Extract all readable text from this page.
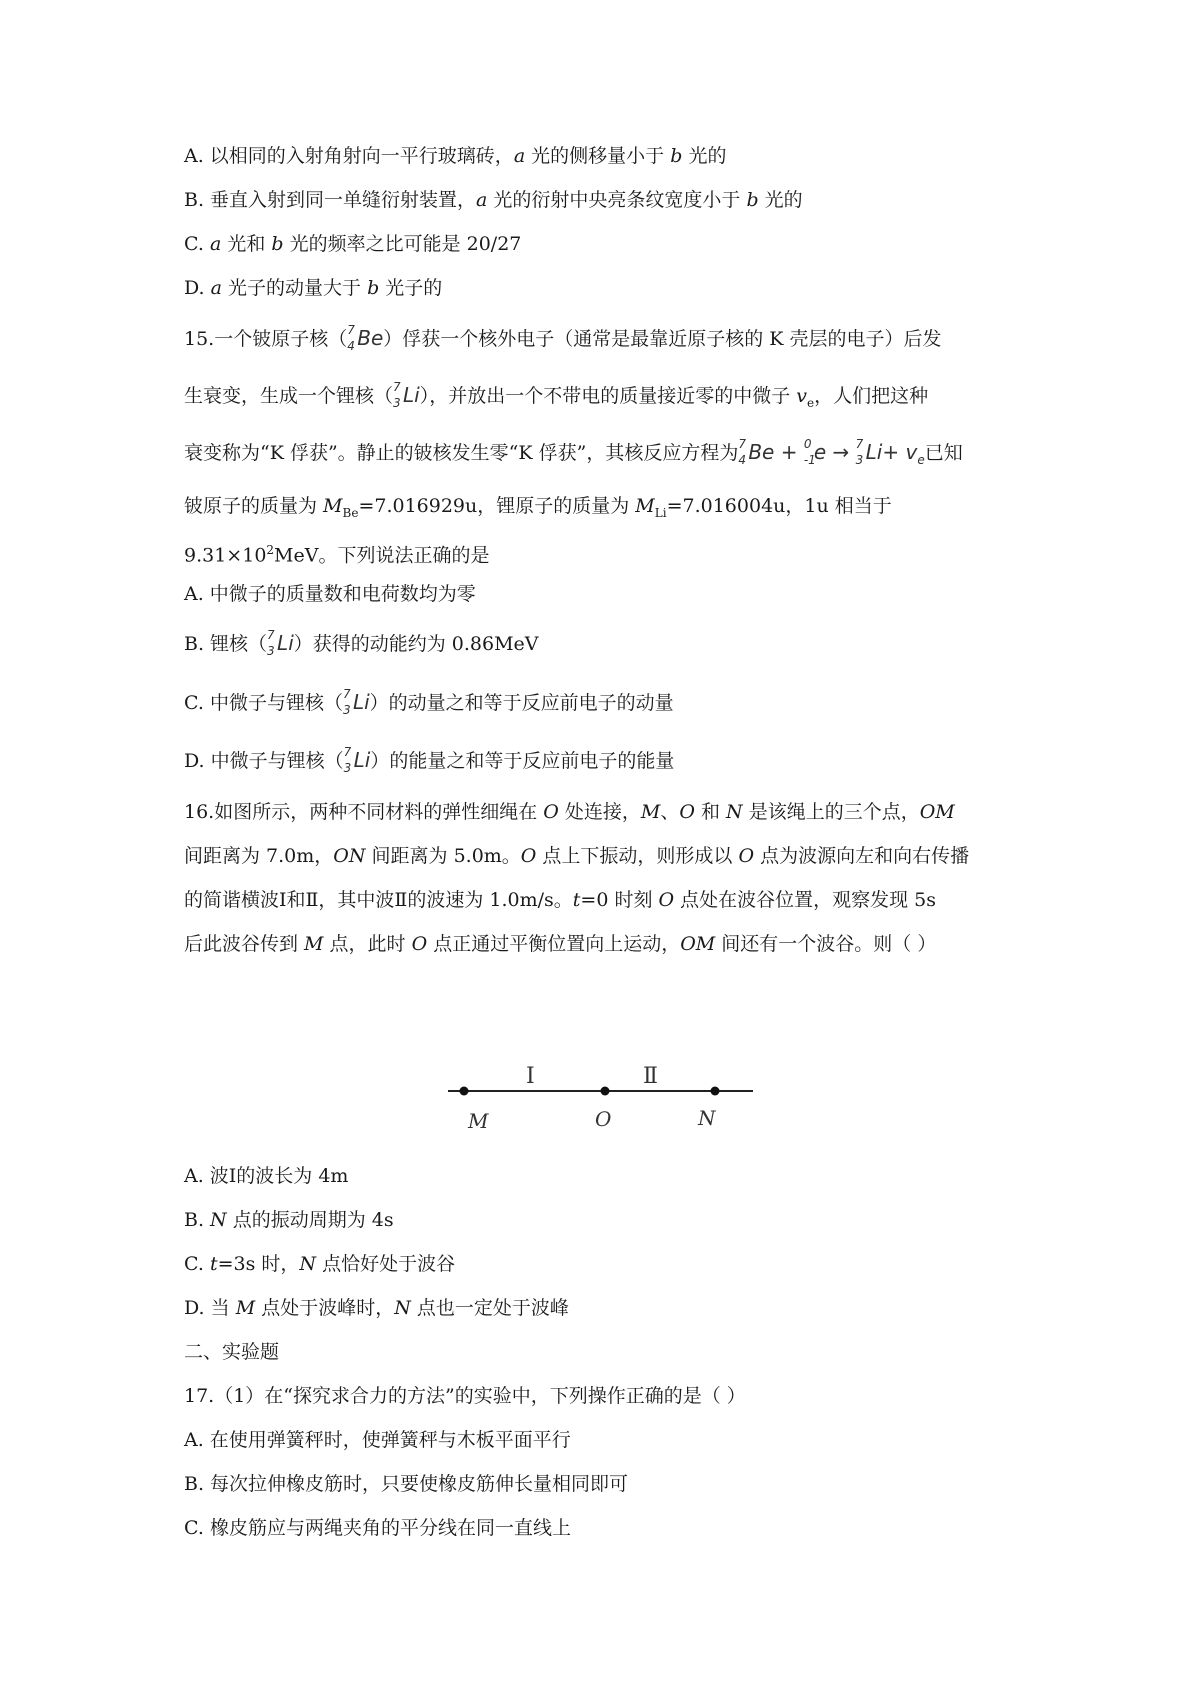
A. 以相同的入射角射向一平行玻璃砖，a 光的侧移量小于 b 光的
B. 垂直入射到同一单缝衍射装置，a 光的衍射中央亮条纹宽度小于 b 光的
C. a 光和 b 光的频率之比可能是 20/27
D. a 光子的动量大于 b 光子的
15.一个铍原子核（ 7
4 Be）俘获一个核外电子（通常是最靠近原子核的 K 壳层的电子）后发
生衰变，生成一个锂核（ 7
3 Li），并放出一个不带电的质量接近零的中微子 $v_e$，人们把这种
衰变称为“K 俘获”。静止的铍核发生零“K 俘获”，其核反应方程为 7
4 Be + 0
-1
e → 7
3 $Li+ v_e$已知
铍原子的质量为 $M_{Be}=7.016929u$，锂原子的质量为 $M_{Li}=7.016004u$，1u 相当于
$9.31\times 10^2MeV$。下列说法正确的是
A. 中微子的质量数和电荷数均为零
B. 锂核（ 7
3 Li）获得的动能约为 0.86MeV
C. 中微子与锂核（ 7
3 Li）的动量之和等于反应前电子的动量
D. 中微子与锂核（ 7
3 Li）的能量之和等于反应前电子的能量
16.如图所示，两种不同材料的弹性细绳在 O 处连接，M、O 和 N 是该绳上的三个点，OM
间距离为 7.0m，ON 间距离为 5.0m。O 点上下振动，则形成以 O 点为波源向左和向右传播
的简谐横波Ⅰ和Ⅱ，其中波Ⅱ的波速为 1.0m/s。t=0 时刻 O 点处在波谷位置，观察发现 5s
后此波谷传到 M 点，此时 O 点正通过平衡位置向上运动，OM 间还有一个波谷。则（ ）
Ⅰ	Ⅱ
M	O	N
A. 波Ⅰ的波长为 4m
B. N 点的振动周期为 4s
C. t=3s 时，N 点恰好处于波谷
D. 当 M 点处于波峰时，N 点也一定处于波峰
二、实验题
17.（1）在“探究求合力的方法”的实验中，下列操作正确的是（ ）
A. 在使用弹簧秤时，使弹簧秤与木板平面平行
B. 每次拉伸橡皮筋时，只要使橡皮筋伸长量相同即可
C. 橡皮筋应与两绳夹角的平分线在同一直线上
